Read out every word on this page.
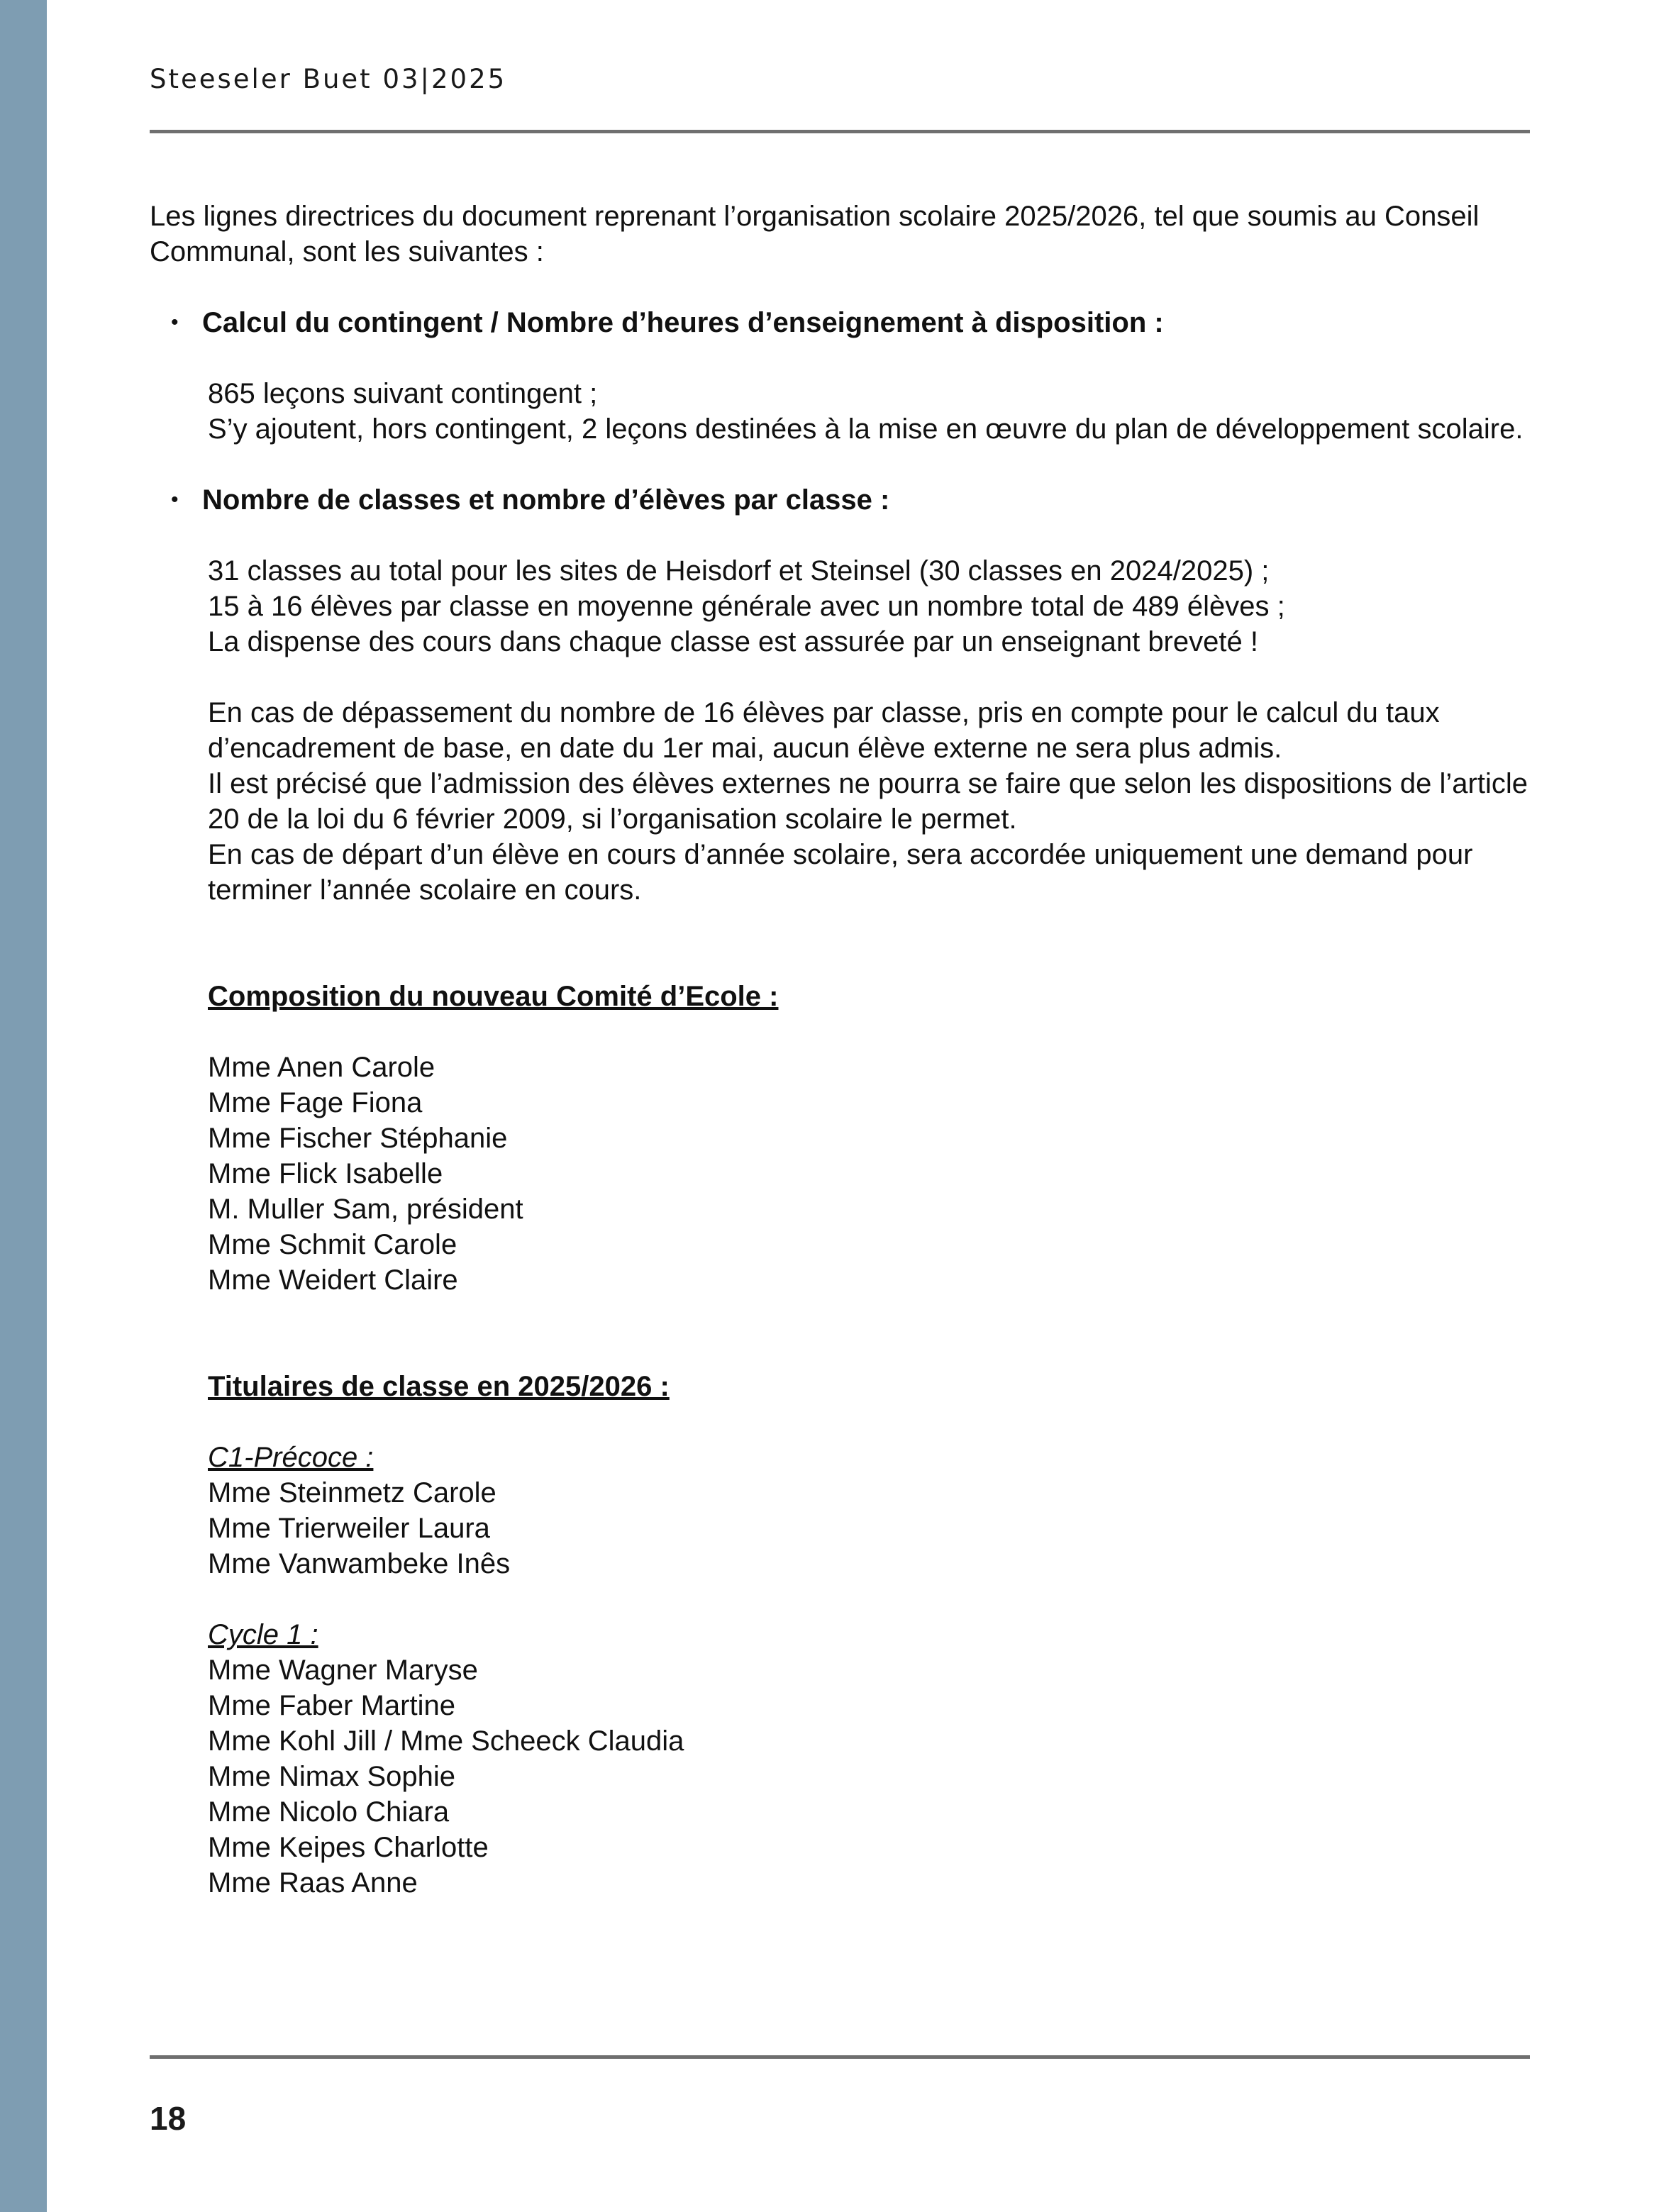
Steeseler Buet 03|2025

Les lignes directrices du document reprenant l’organisation scolaire 2025/2026, tel que soumis au Conseil Communal, sont les suivantes :

• Calcul du contingent / Nombre d’heures d’enseignement à disposition :

865 leçons suivant contingent ;

S’y ajoutent, hors contingent, 2 leçons destinées à la mise en œuvre du plan de développement scolaire.

• Nombre de classes et nombre d’élèves par classe :

31 classes au total pour les sites de Heisdorf et Steinsel (30 classes en 2024/2025) ;

15 à 16 élèves par classe en moyenne générale avec un nombre total de 489 élèves ;

La dispense des cours dans chaque classe est assurée par un enseignant breveté !

En cas de dépassement du nombre de 16 élèves par classe, pris en compte pour le calcul du taux d’encadrement de base, en date du 1er mai, aucun élève externe ne sera plus admis.

Il est précisé que l’admission des élèves externes ne pourra se faire que selon les dispositions de l’article 20 de la loi du 6 février 2009, si l’organisation scolaire le permet.

En cas de départ d’un élève en cours d’année scolaire, sera accordée uniquement une demand pour terminer l’année scolaire en cours.

Composition du nouveau Comité d’Ecole :

Mme Anen Carole
Mme Fage Fiona
Mme Fischer Stéphanie
Mme Flick Isabelle
M. Muller Sam, président
Mme Schmit Carole
Mme Weidert Claire

Titulaires de classe en 2025/2026 :

C1-Précoce :

Mme Steinmetz Carole
Mme Trierweiler Laura
Mme Vanwambeke Inês

Cycle 1 :

Mme Wagner Maryse
Mme Faber Martine
Mme Kohl Jill / Mme Scheeck Claudia
Mme Nimax Sophie
Mme Nicolo Chiara
Mme Keipes Charlotte
Mme Raas Anne
18
